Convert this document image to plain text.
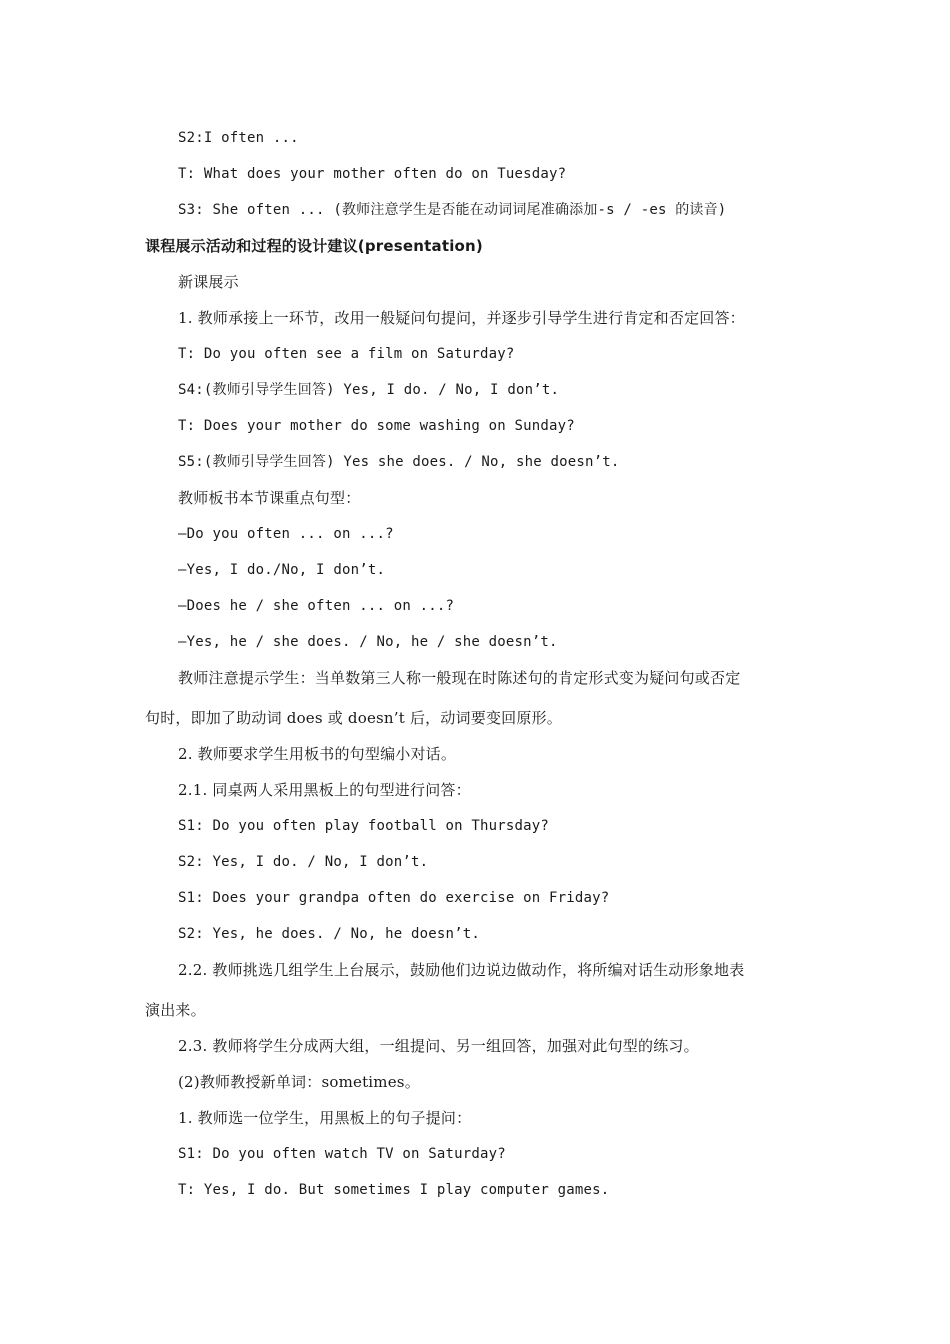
S2:I often ...
T: What does your mother often do on Tuesday?
S3: She often ... (教师注意学生是否能在动词词尾准确添加-s / -es 的读音)
课程展示活动和过程的设计建议(presentation)
新课展示
1. 教师承接上一环节，改用一般疑问句提问，并逐步引导学生进行肯定和否定回答：
T: Do you often see a film on Saturday?
S4:(教师引导学生回答) Yes, I do. / No, I don’t.
T: Does your mother do some washing on Sunday?
S5:(教师引导学生回答) Yes she does. / No, she doesn’t.
教师板书本节课重点句型：
—Do you often ... on ...?
—Yes, I do./No, I don’t.
—Does he / she often ... on ...?
—Yes, he / she does. / No, he / she doesn’t.
教师注意提示学生：当单数第三人称一般现在时陈述句的肯定形式变为疑问句或否定
句时，即加了助动词 does 或 doesn’t 后，动词要变回原形。
2. 教师要求学生用板书的句型编小对话。
2.1. 同桌两人采用黑板上的句型进行问答：
S1: Do you often play football on Thursday?
S2: Yes, I do. / No, I don’t.
S1: Does your grandpa often do exercise on Friday?
S2: Yes, he does. / No, he doesn’t.
2.2. 教师挑选几组学生上台展示，鼓励他们边说边做动作，将所编对话生动形象地表
演出来。
2.3. 教师将学生分成两大组，一组提问、另一组回答，加强对此句型的练习。
(2)教师教授新单词：sometimes。
1. 教师选一位学生，用黑板上的句子提问：
S1: Do you often watch TV on Saturday?
T: Yes, I do. But sometimes I play computer games.
